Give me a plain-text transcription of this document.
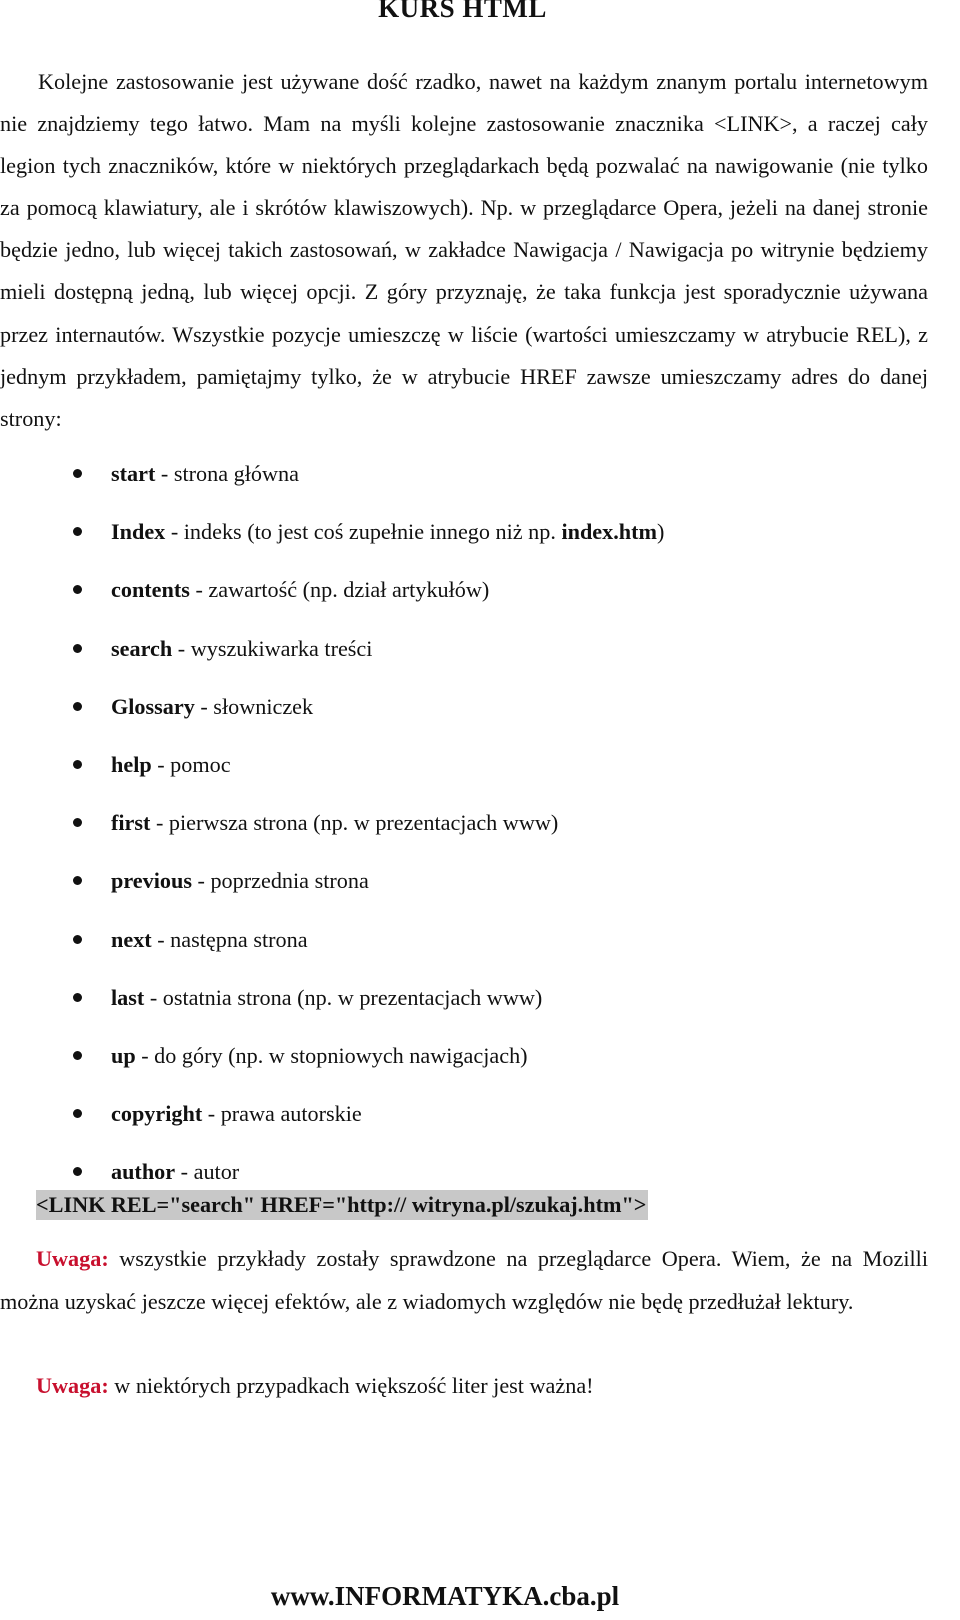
KURS HTML

Kolejne zastosowanie jest używane dość rzadko, nawet na każdym znanym portalu internetowym nie znajdziemy tego łatwo. Mam na myśli kolejne zastosowanie znacznika <LINK>, a raczej cały legion tych znaczników, które w niektórych przeglądarkach będą pozwalać na nawigowanie (nie tylko za pomocą klawiatury, ale i skrótów klawiszowych). Np. w przeglądarce Opera, jeżeli na danej stronie będzie jedno, lub więcej takich zastosowań, w zakładce Nawigacja / Nawigacja po witrynie będziemy mieli dostępną jedną, lub więcej opcji. Z góry przyznaję, że taka funkcja jest sporadycznie używana przez internautów. Wszystkie pozycje umieszczę w liście (wartości umieszczamy w atrybucie REL), z jednym przykładem, pamiętajmy tylko, że w atrybucie HREF zawsze umieszczamy adres do danej strony:

start - strona główna
Index - indeks (to jest coś zupełnie innego niż np. index.htm)
contents - zawartość (np. dział artykułów)
search - wyszukiwarka treści
Glossary - słowniczek
help - pomoc
first - pierwsza strona (np. w prezentacjach www)
previous - poprzednia strona
next - następna strona
last - ostatnia strona (np. w prezentacjach www)
up - do góry (np. w stopniowych nawigacjach)
copyright - prawa autorskie
author - autor
<LINK REL="search" HREF="http:// witryna.pl/szukaj.htm">

Uwaga: wszystkie przykłady zostały sprawdzone na przeglądarce Opera. Wiem, że na Mozilli można uzyskać jeszcze więcej efektów, ale z wiadomych względów nie będę przedłużał lektury.

Uwaga: w niektórych przypadkach większość liter jest ważna!

www.INFORMATYKA.cba.pl
